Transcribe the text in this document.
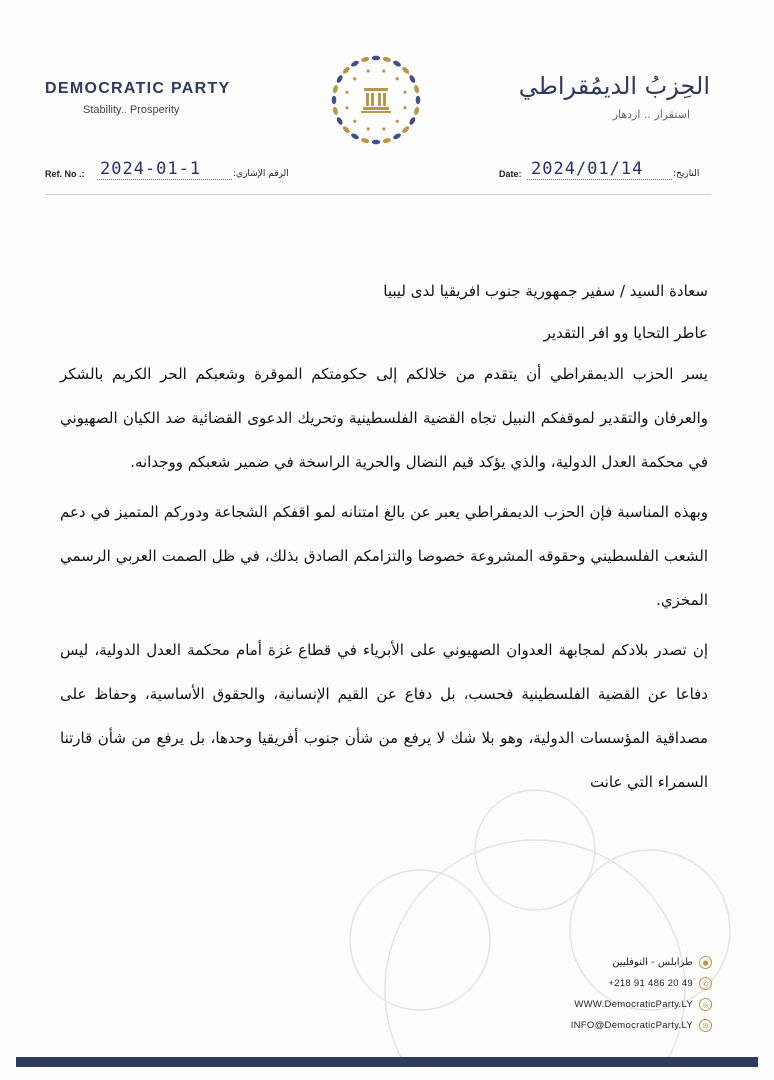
DEMOCRATIC PARTY
Stability.. Prosperity
الحِزبُ الديمُقراطي
استقرار .. ازدهار
Ref. No .: 2024-01-1	الرقم الإشاري:	Date: 2024/01/14	التاريخ:
سعادة السيد / سفير جمهورية جنوب افريقيا لدى ليبيا
عاطر التحايا وو افر التقدير
يسر الحزب الديمقراطي أن يتقدم من خلالكم إلى حكومتكم الموقرة وشعبكم الحر الكريم بالشكر والعرفان والتقدير لموقفكم النبيل تجاه القضية الفلسطينية وتحريك الدعوى القضائية ضد الكيان الصهيوني في محكمة العدل الدولية، والذي يؤكد قيم النضال والحرية الراسخة في ضمير شعبكم ووجدانه.
وبهذه المناسبة فإن الحزب الديمقراطي يعبر عن بالغ امتنانه لمو اقفكم الشجاعة ودوركم المتميز في دعم الشعب الفلسطيني وحقوقه المشروعة خصوصا والتزامكم الصادق بذلك، في ظل الصمت العربي الرسمي المخزي.
إن تصدر بلادكم لمجابهة العدوان الصهيوني على الأبرياء في قطاع غزة أمام محكمة العدل الدولية، ليس دفاعا عن القضية الفلسطينية فحسب، بل دفاع عن القيم الإنسانية، والحقوق الأساسية، وحفاظ على مصداقية المؤسسات الدولية، وهو بلا شك لا يرفع من شأن جنوب أفريقيا وحدها، بل يرفع من شأن قارتنا السمراء التي عانت
●
طرابلس - النوفليين
✆
+218 91 486 20 49
◎
WWW.DemocraticParty.LY
✉
INFO@DemocraticParty.LY
